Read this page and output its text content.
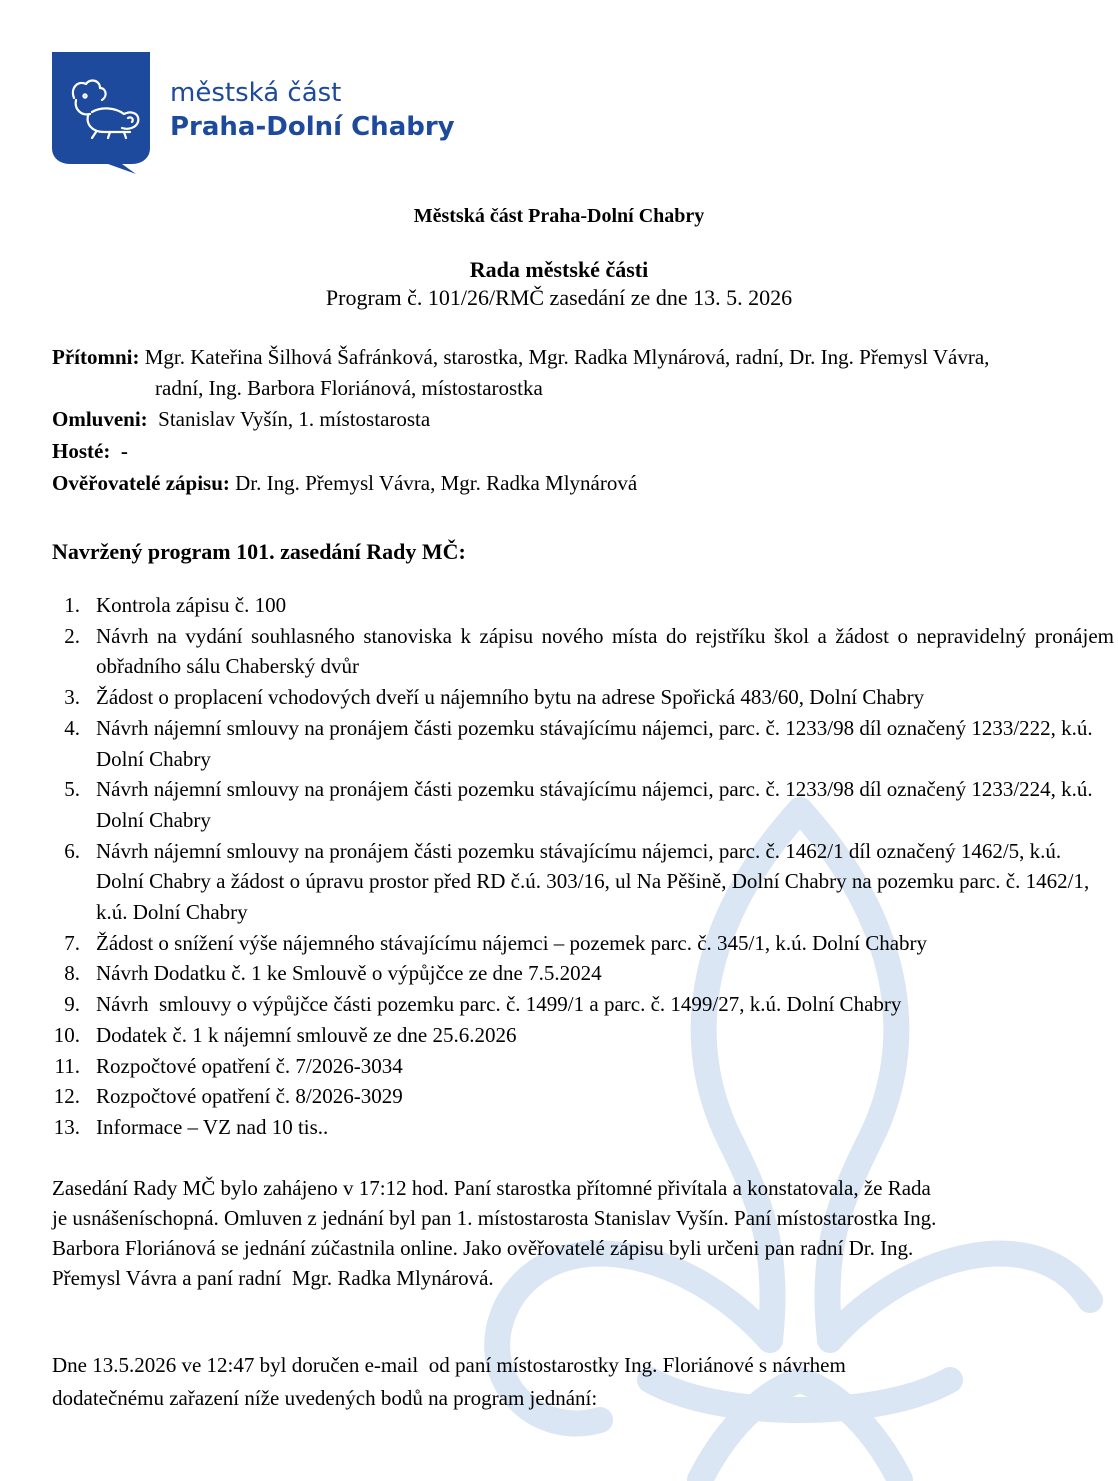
městská část
Praha-Dolní Chabry
Městská část Praha-Dolní Chabry
Rada městské části
Program č. 101/26/RMČ zasedání ze dne 13. 5. 2026
Přítomni: Mgr. Kateřina Šilhová Šafránková, starostka, Mgr. Radka Mlynárová, radní, Dr. Ing. Přemysl Vávra,
radní, Ing. Barbora Floriánová, místostarostka
Omluveni: Stanislav Vyšín, 1. místostarosta
Hosté: -
Ověřovatelé zápisu: Dr. Ing. Přemysl Vávra, Mgr. Radka Mlynárová
Navržený program 101. zasedání Rady MČ:
1. Kontrola zápisu č. 100
2. Návrh na vydání souhlasného stanoviska k zápisu nového místa do rejstříku škol a žádost o nepravidelný pronájem obřadního sálu Chaberský dvůr
3. Žádost o proplacení vchodových dveří u nájemního bytu na adrese Spořická 483/60, Dolní Chabry
4. Návrh nájemní smlouvy na pronájem části pozemku stávajícímu nájemci, parc. č. 1233/98 díl označený 1233/222, k.ú. Dolní Chabry
5. Návrh nájemní smlouvy na pronájem části pozemku stávajícímu nájemci, parc. č. 1233/98 díl označený 1233/224, k.ú. Dolní Chabry
6. Návrh nájemní smlouvy na pronájem části pozemku stávajícímu nájemci, parc. č. 1462/1 díl označený 1462/5, k.ú. Dolní Chabry a žádost o úpravu prostor před RD č.ú. 303/16, ul Na Pěšině, Dolní Chabry na pozemku parc. č. 1462/1, k.ú. Dolní Chabry
7. Žádost o snížení výše nájemného stávajícímu nájemci – pozemek parc. č. 345/1, k.ú. Dolní Chabry
8. Návrh Dodatku č. 1 ke Smlouvě o výpůjčce ze dne 7.5.2024
9. Návrh  smlouvy o výpůjčce části pozemku parc. č. 1499/1 a parc. č. 1499/27, k.ú. Dolní Chabry
10. Dodatek č. 1 k nájemní smlouvě ze dne 25.6.2026
11. Rozpočtové opatření č. 7/2026-3034
12. Rozpočtové opatření č. 8/2026-3029
13. Informace – VZ nad 10 tis..
Zasedání Rady MČ bylo zahájeno v 17:12 hod. Paní starostka přítomné přivítala a konstatovala, že Rada
je usnášeníschopná. Omluven z jednání byl pan 1. místostarosta Stanislav Vyšín. Paní místostarostka Ing.
Barbora Floriánová se jednání zúčastnila online. Jako ověřovatelé zápisu byli určeni pan radní Dr. Ing.
Přemysl Vávra a paní radní  Mgr. Radka Mlynárová.
Dne 13.5.2026 ve 12:47 byl doručen e-mail  od paní místostarostky Ing. Floriánové s návrhem
dodatečnému zařazení níže uvedených bodů na program jednání:
